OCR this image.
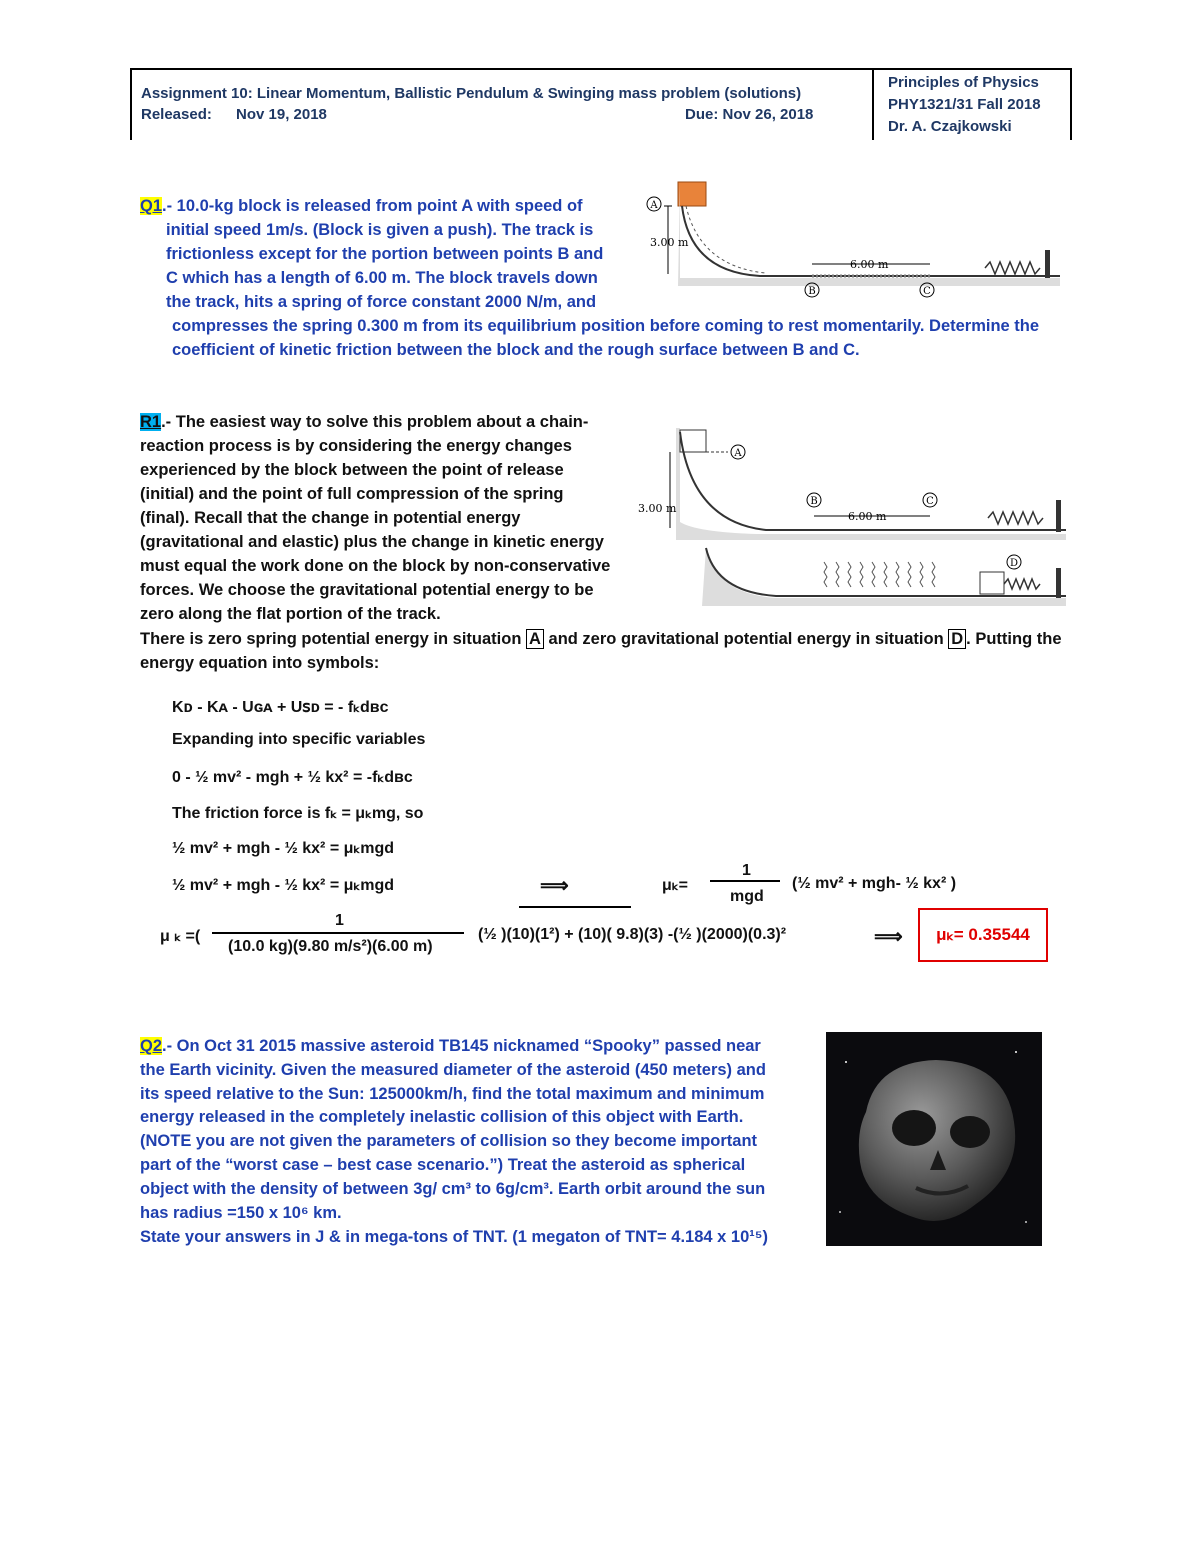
Assignment 10: Linear Momentum, Ballistic Pendulum & Swinging mass problem (solutions)
Released: Nov 19, 2018	Due: Nov 26, 2018
Principles of Physics
PHY1321/31 Fall 2018
Dr. A. Czajkowski
Q1.- 10.0-kg block is released from point A with speed of
initial speed 1m/s. (Block is given a push). The track is
frictionless except for the portion between points B and
C which has a length of 6.00 m. The block travels down
the track, hits a spring of force constant 2000 N/m, and
compresses the spring 0.300 m from its equilibrium position before coming to rest momentarily. Determine the
coefficient of kinetic friction between the block and the rough surface between B and C.
A
3.00 m
6.00 m
B	C
R1.- The easiest way to solve this problem about a chain-
reaction process is by considering the energy changes
experienced by the block between the point of release
(initial) and the point of full compression of the spring
(final). Recall that the change in potential energy
(gravitational and elastic) plus the change in kinetic energy
must equal the work done on the block by non-conservative
forces. We choose the gravitational potential energy to be
zero along the flat portion of the track.
There is zero spring potential energy in situation A and zero gravitational potential energy in situation D . Putting the
energy equation into symbols:
A
3.00 m
B	C
6.00 m
D
Kᴅ - Kᴀ - Uɢᴀ + Uꜱᴅ = - fₖdʙᴄ
Expanding into specific variables
0 - ½ mv² - mgh + ½ kx² = -fₖdʙᴄ
The friction force is fₖ = μₖmg, so
½ mv² + mgh - ½ kx² = μₖmgd
½ mv² + mgh - ½ kx² = μₖmgd	⟹	μₖ=
1
mgd
(½ mv² + mgh- ½ kx² )
μ ₖ =(
1
(10.0 kg)(9.80 m/s²)(6.00 m)
(½ )(10)(1²) + (10)( 9.8)(3) -(½ )(2000)(0.3)²	⟹	μₖ= 0.35544
Q2.- On Oct 31 2015 massive asteroid TB145 nicknamed “Spooky” passed near
the Earth vicinity. Given the measured diameter of the asteroid (450 meters) and
its speed relative to the Sun: 125000km/h, find the total maximum and minimum
energy released in the completely inelastic collision of this object with Earth.
(NOTE you are not given the parameters of collision so they become important
part of the “worst case – best case scenario.”) Treat the asteroid as spherical
object with the density of between 3g/ cm³ to 6g/cm³. Earth orbit around the sun
has radius =150 x 10⁶ km.
State your answers in J & in mega-tons of TNT. (1 megaton of TNT= 4.184 x 10¹⁵)
